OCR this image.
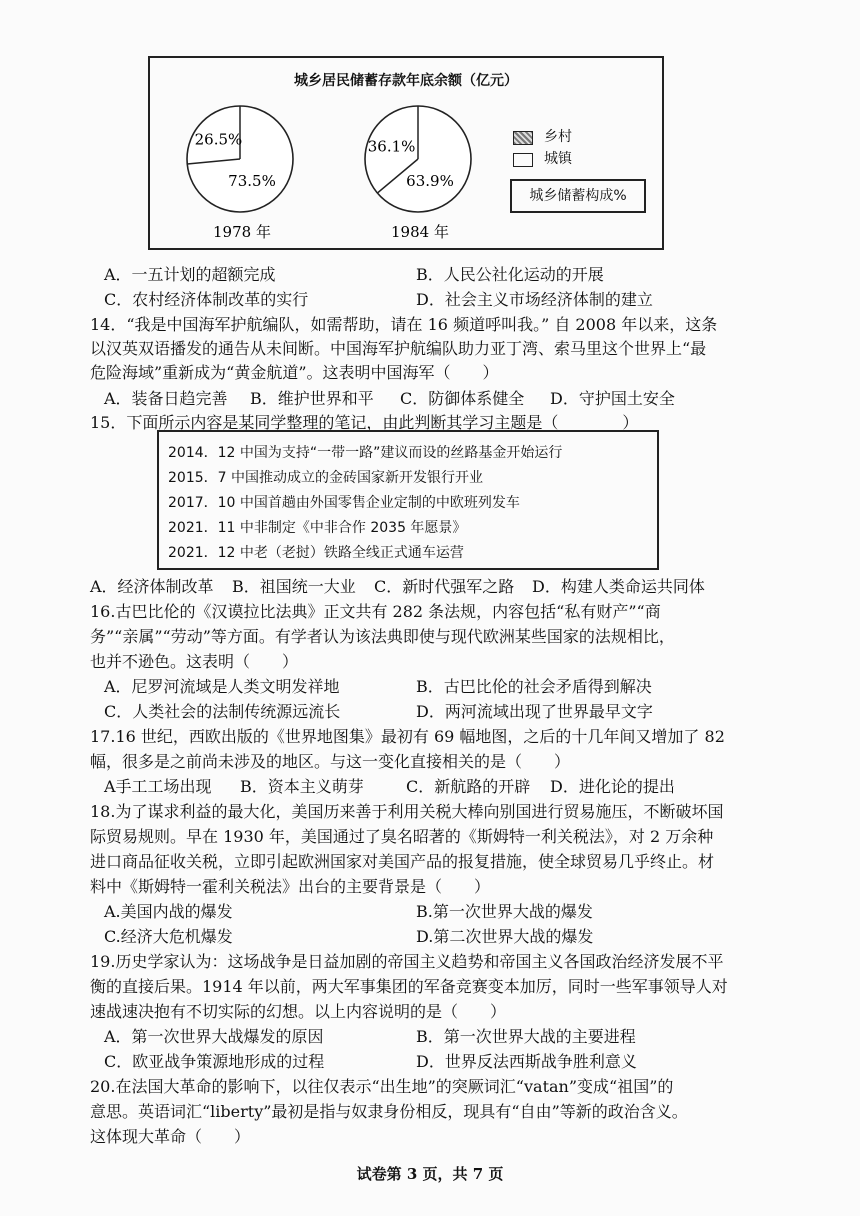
城乡居民储蓄存款年底余额（亿元）
26.5%
73.5%
1978 年
36.1%
63.9%
1984 年
乡村
城镇
城乡储蓄构成%
A．一五计划的超额完成	B．人民公社化运动的开展
C．农村经济体制改革的实行	D．社会主义市场经济体制的建立
14．“我是中国海军护航编队，如需帮助，请在 16 频道呼叫我。” 自 2008 年以来，这条
以汉英双语播发的通告从未间断。中国海军护航编队助力亚丁湾、索马里这个世界上“最
危险海域”重新成为“黄金航道”。这表明中国海军（　　）
A．装备日趋完善 B．维护世界和平 C．防御体系健全 D．守护国土安全
15．下面所示内容是某同学整理的笔记，由此判断其学习主题是（　　　　）
2014．12 中国为支持“一带一路”建议而设的丝路基金开始运行
2015．7 中国推动成立的金砖国家新开发银行开业
2017．10 中国首趟由外国零售企业定制的中欧班列发车
2021．11 中非制定《中非合作 2035 年愿景》
2021．12 中老（老挝）铁路全线正式通车运营
A．经济体制改革 B．祖国统一大业 C．新时代强军之路 D．构建人类命运共同体
16.古巴比伦的《汉谟拉比法典》正文共有 282 条法规，内容包括“私有财产”“商
务”“亲属”“劳动”等方面。有学者认为该法典即使与现代欧洲某些国家的法规相比，
也并不逊色。这表明（　　）
A．尼罗河流域是人类文明发祥地	B．古巴比伦的社会矛盾得到解决
C．人类社会的法制传统源远流长	D．两河流域出现了世界最早文字
17.16 世纪，西欧出版的《世界地图集》最初有 69 幅地图，之后的十几年间又增加了 82
幅，很多是之前尚未涉及的地区。与这一变化直接相关的是（　　）
A手工工场出现 B．资本主义萌芽	C．新航路的开辟 D．进化论的提出
18.为了谋求利益的最大化，美国历来善于利用关税大棒向别国进行贸易施压，不断破坏国
际贸易规则。早在 1930 年，美国通过了臭名昭著的《斯姆特一利关税法》，对 2 万余种
进口商品征收关税，立即引起欧洲国家对美国产品的报复措施，使全球贸易几乎终止。材
料中《斯姆特一霍利关税法》出台的主要背景是（　　）
A.美国内战的爆发	B.第一次世界大战的爆发
C.经济大危机爆发	D.第二次世界大战的爆发
19.历史学家认为：这场战争是日益加剧的帝国主义趋势和帝国主义各国政治经济发展不平
衡的直接后果。1914 年以前，两大军事集团的军备竞赛变本加厉，同时一些军事领导人对
速战速决抱有不切实际的幻想。以上内容说明的是（　　）
A．第一次世界大战爆发的原因	B．第一次世界大战的主要进程
C．欧亚战争策源地形成的过程	D．世界反法西斯战争胜利意义
20.在法国大革命的影响下，以往仅表示“出生地”的突厥词汇“vatan”变成“祖国”的
意思。英语词汇“liberty”最初是指与奴隶身份相反，现具有“自由”等新的政治含义。
这体现大革命（　　）
试卷第 3 页，共 7 页
